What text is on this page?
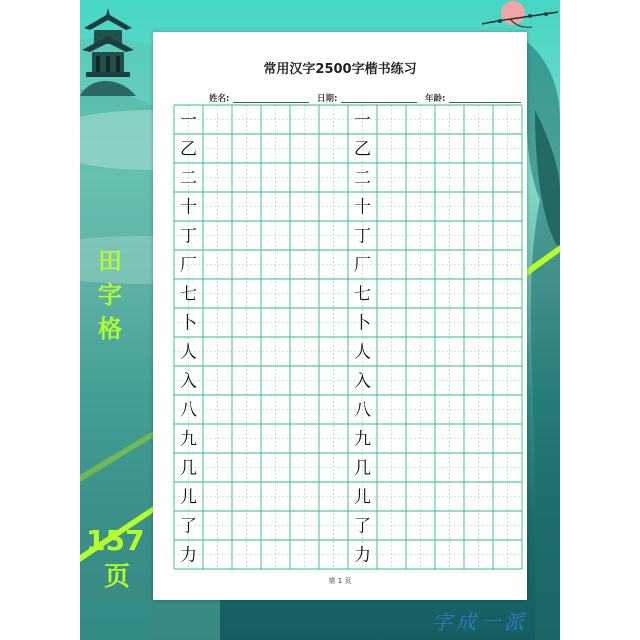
田
字
格
157
页
字成一派
常用汉字2500字楷书练习
姓名:	日期:	年龄:
一
乙
二
十
丁
厂
七
卜
人
入
八
九
几
儿
了
力
一
乙
二
十
丁
厂
七
卜
人
入
八
九
几
儿
了
力
第 1 页
